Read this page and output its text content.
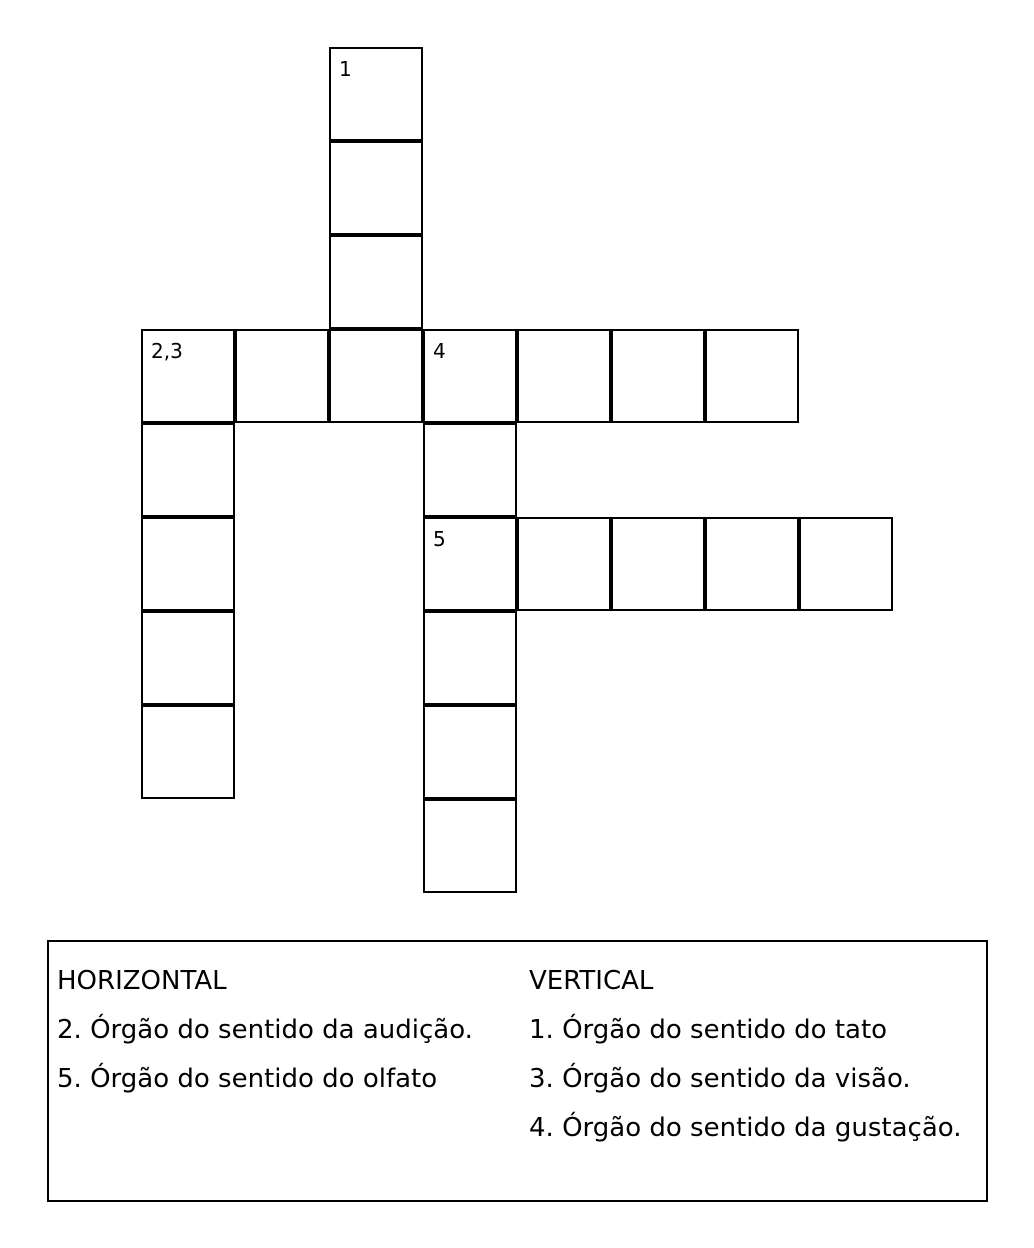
1
2,3	4
5
HORIZONTAL
2. Órgão do sentido da audição.
5. Órgão do sentido do olfato
VERTICAL
1. Órgão do sentido do tato
3. Órgão do sentido da visão.
4. Órgão do sentido da gustação.
